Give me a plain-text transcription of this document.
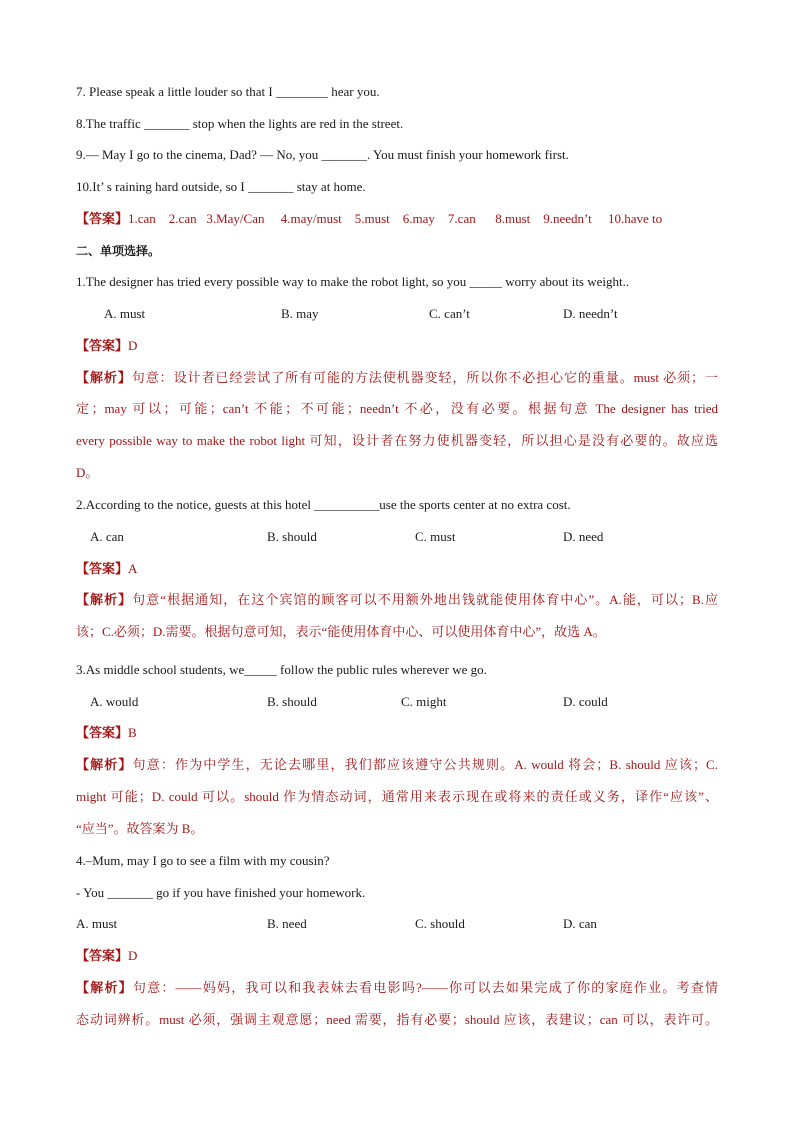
7. Please speak a little louder so that I ________ hear you.
8.The traffic _______ stop when the lights are red in the street.
9.— May I go to the cinema, Dad? — No, you _______. You must finish your homework first.
10.It’ s raining hard outside, so I _______ stay at home.
【答案】1.can    2.can   3.May/Can     4.may/must    5.must    6.may    7.can      8.must    9.needn’t     10.have to
二、单项选择。
1.The designer has tried every possible way to make the robot light, so you _____ worry about its weight..
A. must	B. may	C. can’t	D. needn’t
【答案】D
【解析】句意：设计者已经尝试了所有可能的方法使机器变轻，所以你不必担心它的重量。must 必须；一
定；may 可以；可能；can’t 不能；不可能；needn’t 不必，没有必要。根据句意 The designer has tried
every possible way to make the robot light 可知，设计者在努力使机器变轻，所以担心是没有必要的。故应选
D。
2.According to the notice, guests at this hotel __________use the sports center at no extra cost.
A. can	B. should	C. must	D. need
【答案】A
【解析】句意“根据通知，在这个宾馆的顾客可以不用额外地出钱就能使用体育中心”。A.能，可以；B.应
该；C.必须；D.需要。根据句意可知，表示“能使用体育中心、可以使用体育中心”，故选 A。
3.As middle school students, we_____ follow the public rules wherever we go.
A. would	B. should	C. might	D. could
【答案】B
【解析】句意：作为中学生，无论去哪里，我们都应该遵守公共规则。A. would 将会；B. should 应该；C.
might 可能；D. could 可以。should 作为情态动词，通常用来表示现在或将来的责任或义务，译作“应该”、
“应当”。故答案为 B。
4.–Mum, may I go to see a film with my cousin?
- You _______ go if you have finished your homework.
A. must	B. need	C. should	D. can
【答案】D
【解析】句意：——妈妈，我可以和我表妹去看电影吗?——你可以去如果完成了你的家庭作业。考查情
态动词辨析。must 必须，强调主观意愿；need 需要，指有必要；should 应该，表建议；can 可以，表许可。
